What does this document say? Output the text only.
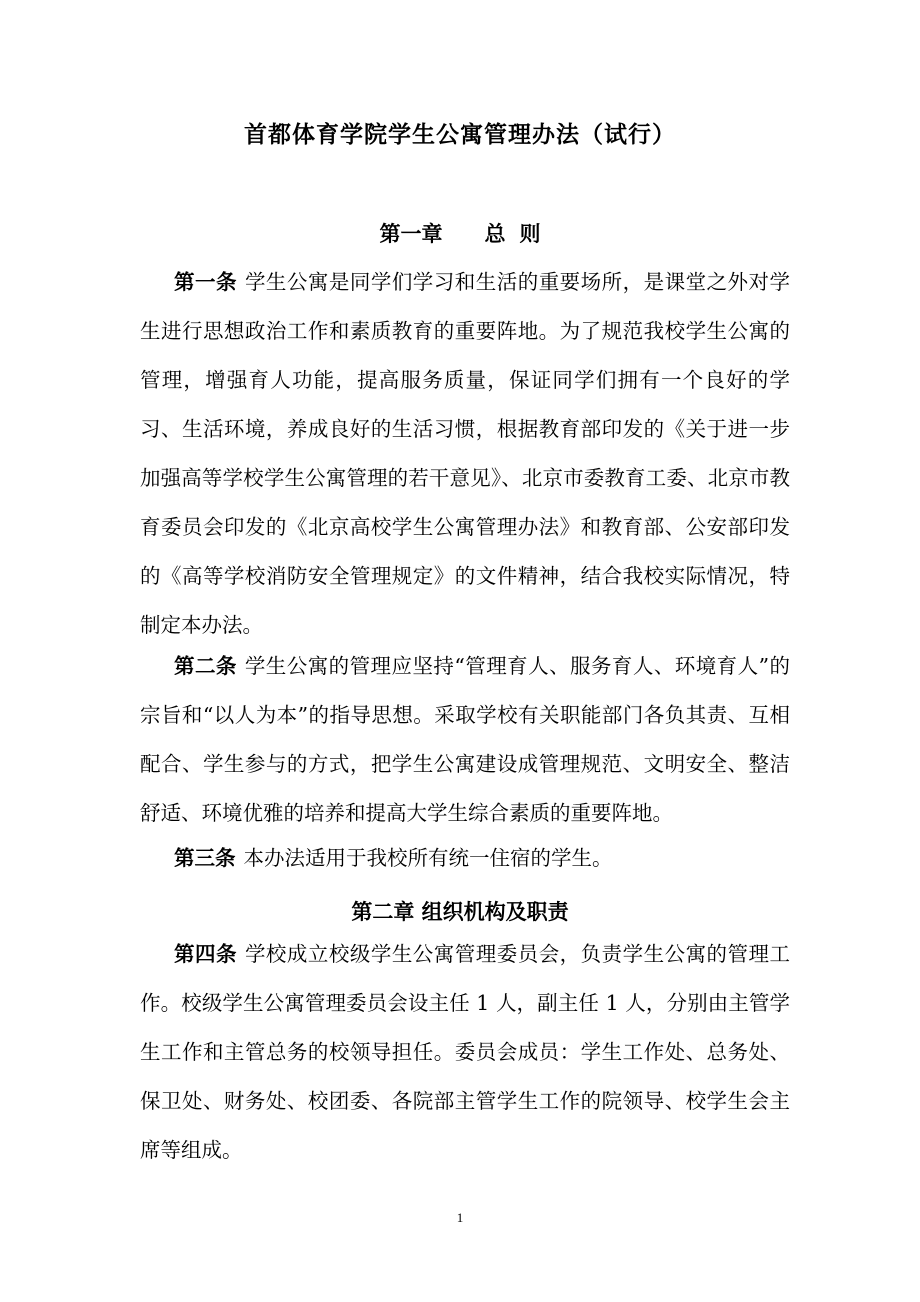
首都体育学院学生公寓管理办法（试行）
第一章 总 则

第一条 学生公寓是同学们学习和生活的重要场所，是课堂之外对学生进行思想政治工作和素质教育的重要阵地。为了规范我校学生公寓的管理，增强育人功能，提高服务质量，保证同学们拥有一个良好的学习、生活环境，养成良好的生活习惯，根据教育部印发的《关于进一步加强高等学校学生公寓管理的若干意见》、北京市委教育工委、北京市教育委员会印发的《北京高校学生公寓管理办法》和教育部、公安部印发的《高等学校消防安全管理规定》的文件精神，结合我校实际情况，特制定本办法。

第二条 学生公寓的管理应坚持“管理育人、服务育人、环境育人”的宗旨和“以人为本”的指导思想。采取学校有关职能部门各负其责、互相配合、学生参与的方式，把学生公寓建设成管理规范、文明安全、整洁舒适、环境优雅的培养和提高大学生综合素质的重要阵地。

第三条 本办法适用于我校所有统一住宿的学生。

第二章 组织机构及职责

第四条 学校成立校级学生公寓管理委员会，负责学生公寓的管理工作。校级学生公寓管理委员会设主任 1 人，副主任 1 人，分别由主管学生工作和主管总务的校领导担任。委员会成员：学生工作处、总务处、保卫处、财务处、校团委、各院部主管学生工作的院领导、校学生会主席等组成。

1
